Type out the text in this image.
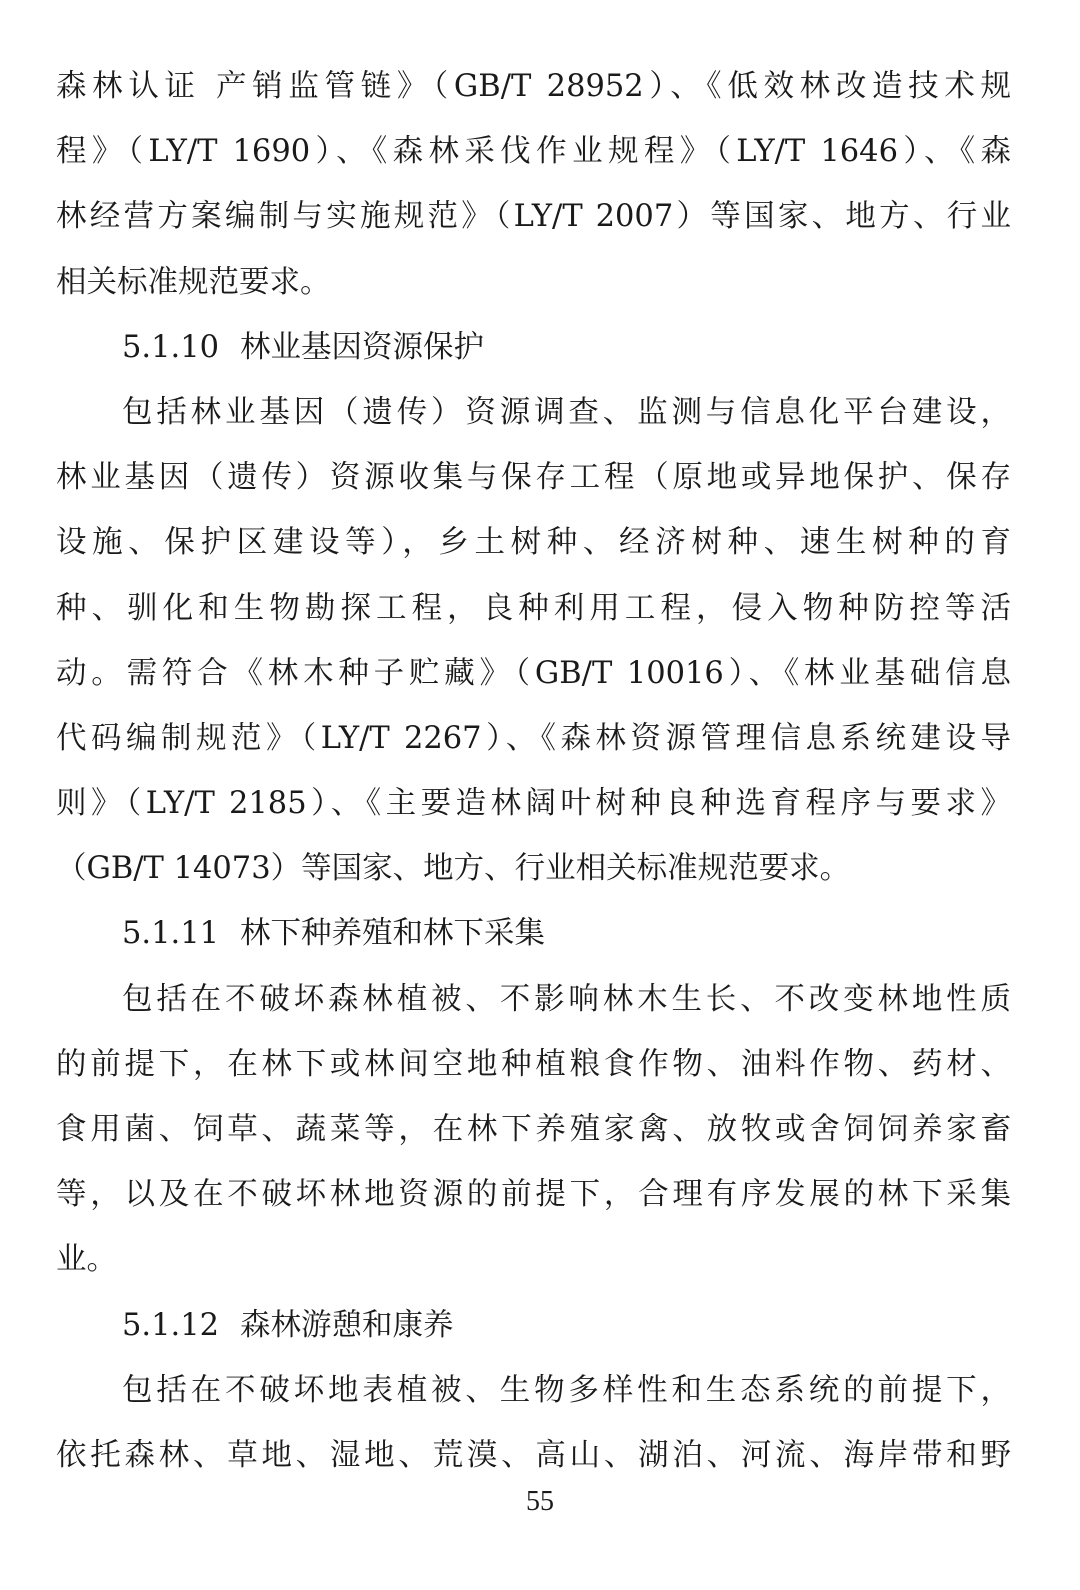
森林认证 产销监管链》（GB/T 28952）、《低效林改造技术规
程》（LY/T 1690）、《森林采伐作业规程》（LY/T 1646）、《森
林经营方案编制与实施规范》（LY/T 2007）等国家、地方、行业
相关标准规范要求。
5.1.10 林业基因资源保护
包括林业基因（遗传）资源调查、监测与信息化平台建设，
林业基因（遗传）资源收集与保存工程（原地或异地保护、保存
设施、保护区建设等），乡土树种、经济树种、速生树种的育
种、驯化和生物勘探工程，良种利用工程，侵入物种防控等活
动。需符合《林木种子贮藏》（GB/T 10016）、《林业基础信息
代码编制规范》（LY/T 2267）、《森林资源管理信息系统建设导
则》（LY/T 2185）、《主要造林阔叶树种良种选育程序与要求》
（GB/T 14073）等国家、地方、行业相关标准规范要求。
5.1.11 林下种养殖和林下采集
包括在不破坏森林植被、不影响林木生长、不改变林地性质
的前提下，在林下或林间空地种植粮食作物、油料作物、药材、
食用菌、饲草、蔬菜等，在林下养殖家禽、放牧或舍饲饲养家畜
等，以及在不破坏林地资源的前提下，合理有序发展的林下采集
业。
5.1.12 森林游憩和康养
包括在不破坏地表植被、生物多样性和生态系统的前提下，
依托森林、草地、湿地、荒漠、高山、湖泊、河流、海岸带和野
55
